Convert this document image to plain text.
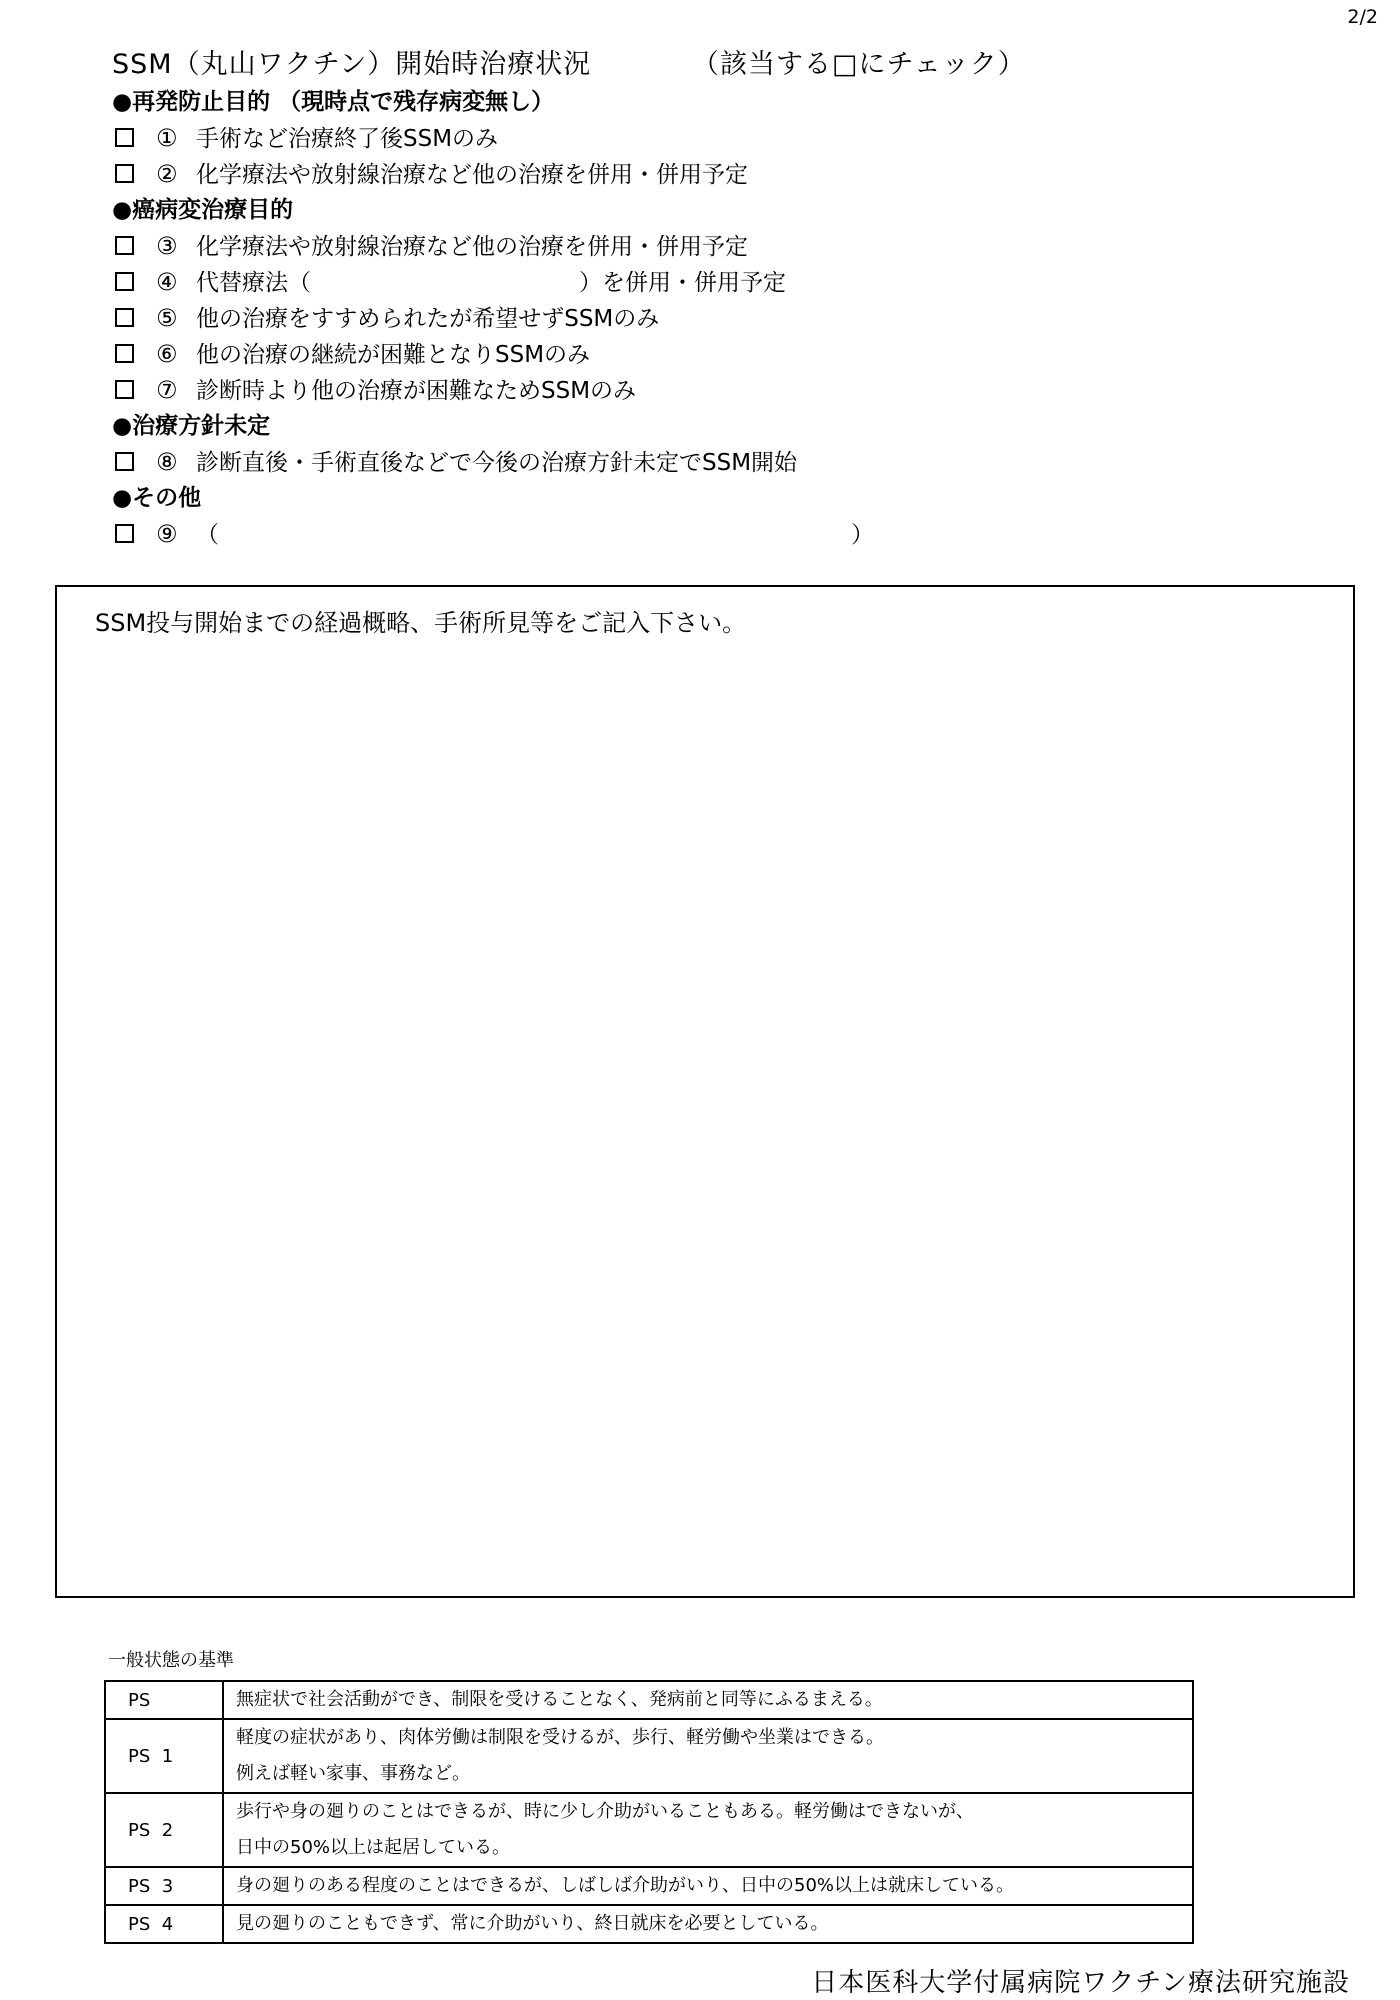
2/2
SSM（丸山ワクチン）開始時治療状況	（該当する□にチェック）
●再発防止目的 （現時点で残存病変無し）
① 手術など治療終了後SSMのみ
② 化学療法や放射線治療など他の治療を併用・併用予定
●癌病変治療目的
③ 化学療法や放射線治療など他の治療を併用・併用予定
④ 代替療法（	）を併用・併用予定
⑤ 他の治療をすすめられたが希望せずSSMのみ
⑥ 他の治療の継続が困難となりSSMのみ
⑦ 診断時より他の治療が困難なためSSMのみ
●治療方針未定
⑧ 診断直後・手術直後などで今後の治療方針未定でSSM開始
●その他
⑨ （	）
SSM投与開始までの経過概略、手術所見等をご記入下さい。
一般状態の基準
PS	無症状で社会活動ができ、制限を受けることなく、発病前と同等にふるまえる。

PS  1	軽度の症状があり、肉体労働は制限を受けるが、歩行、軽労働や坐業はできる。
例えば軽い家事、事務など。

PS  2	歩行や身の廻りのことはできるが、時に少し介助がいることもある。軽労働はできないが、
日中の50%以上は起居している。

PS  3	身の廻りのある程度のことはできるが、しばしば介助がいり、日中の50%以上は就床している。

PS  4	見の廻りのこともできず、常に介助がいり、終日就床を必要としている。
日本医科大学付属病院ワクチン療法研究施設
